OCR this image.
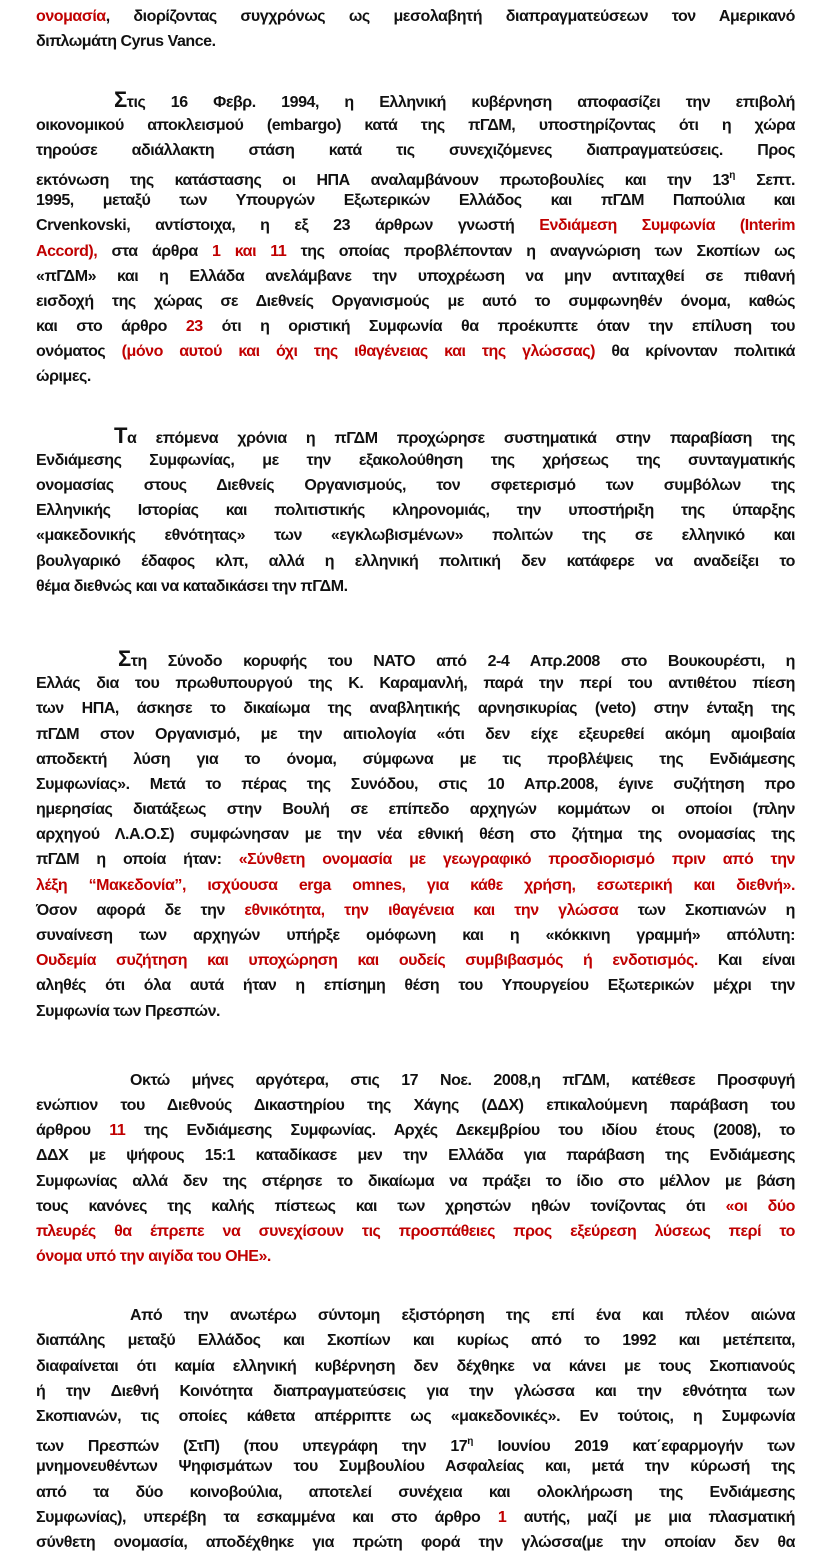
ονομασία, διορίζοντας συγχρόνως ως μεσολαβητή διαπραγματεύσεων τον Αμερικανό
διπλωμάτη Cyrus Vance.
Στις 16 Φεβρ. 1994, η Ελληνική κυβέρνηση αποφασίζει την επιβολή
οικονομικού αποκλεισμού (embargo) κατά της πΓΔΜ, υποστηρίζοντας ότι η χώρα
τηρούσε αδιάλλακτη στάση κατά τις συνεχιζόμενες διαπραγματεύσεις. Προς
εκτόνωση της κατάστασης οι ΗΠΑ αναλαμβάνουν πρωτοβουλίες και την $13^\eta$ Σεπτ.
1995, μεταξύ των Υπουργών Εξωτερικών Ελλάδος και πΓΔΜ Παπούλια και
Crvenkovski, αντίστοιχα, η εξ 23 άρθρων γνωστή Ενδιάμεση Συμφωνία (Interim
Accord), στα άρθρα 1 και 11 της οποίας προβλέπονταν η αναγνώριση των Σκοπίων ως
«πΓΔΜ» και η Ελλάδα ανελάμβανε την υποχρέωση να μην αντιταχθεί σε πιθανή
εισδοχή της χώρας σε Διεθνείς Οργανισμούς με αυτό το συμφωνηθέν όνομα, καθώς
και στο άρθρο 23 ότι η οριστική Συμφωνία θα προέκυπτε όταν την επίλυση του
ονόματος (μόνο αυτού και όχι της ιθαγένειας και της γλώσσας) θα κρίνονταν πολιτικά
ώριμες.
Τα επόμενα χρόνια η πΓΔΜ προχώρησε συστηματικά στην παραβίαση της
Ενδιάμεσης Συμφωνίας, με την εξακολούθηση της χρήσεως της συνταγματικής
ονομασίας στους Διεθνείς Οργανισμούς, τον σφετερισμό των συμβόλων της
Ελληνικής Ιστορίας και πολιτιστικής κληρονομιάς, την υποστήριξη της ύπαρξης
«μακεδονικής εθνότητας» των «εγκλωβισμένων» πολιτών της σε ελληνικό και
βουλγαρικό έδαφος κλπ, αλλά η ελληνική πολιτική δεν κατάφερε να αναδείξει το
θέμα διεθνώς και να καταδικάσει την πΓΔΜ.
Στη Σύνοδο κορυφής του ΝΑΤΟ από 2-4 Απρ.2008 στο Βουκουρέστι, η
Ελλάς δια του πρωθυπουργού της Κ. Καραμανλή, παρά την περί του αντιθέτου πίεση
των ΗΠΑ, άσκησε το δικαίωμα της αναβλητικής αρνησικυρίας (veto) στην ένταξη της
πΓΔΜ στον Οργανισμό, με την αιτιολογία «ότι δεν είχε εξευρεθεί ακόμη αμοιβαία
αποδεκτή λύση για το όνομα, σύμφωνα με τις προβλέψεις της Ενδιάμεσης
Συμφωνίας». Μετά το πέρας της Συνόδου, στις 10 Απρ.2008, έγινε συζήτηση προ
ημερησίας διατάξεως στην Βουλή σε επίπεδο αρχηγών κομμάτων οι οποίοι (πλην
αρχηγού Λ.Α.Ο.Σ) συμφώνησαν με την νέα εθνική θέση στο ζήτημα της ονομασίας της
πΓΔΜ η οποία ήταν: «Σύνθετη ονομασία με γεωγραφικό προσδιορισμό πριν από την
λέξη “Μακεδονία”, ισχύουσα erga omnes, για κάθε χρήση, εσωτερική και διεθνή».
Όσον αφορά δε την εθνικότητα, την ιθαγένεια και την γλώσσα των Σκοπιανών η
συναίνεση των αρχηγών υπήρξε ομόφωνη και η «κόκκινη γραμμή» απόλυτη:
Ουδεμία συζήτηση και υποχώρηση και ουδείς συμβιβασμός ή ενδοτισμός. Και είναι
αληθές ότι όλα αυτά ήταν η επίσημη θέση του Υπουργείου Εξωτερικών μέχρι την
Συμφωνία των Πρεσπών.
Οκτώ μήνες αργότερα, στις 17 Νοε. 2008,η πΓΔΜ, κατέθεσε Προσφυγή
ενώπιον του Διεθνούς Δικαστηρίου της Χάγης (ΔΔΧ) επικαλούμενη παράβαση του
άρθρου 11 της Ενδιάμεσης Συμφωνίας. Αρχές Δεκεμβρίου του ιδίου έτους (2008), το
ΔΔΧ με ψήφους 15:1 καταδίκασε μεν την Ελλάδα για παράβαση της Ενδιάμεσης
Συμφωνίας αλλά δεν της στέρησε το δικαίωμα να πράξει το ίδιο στο μέλλον με βάση
τους κανόνες της καλής πίστεως και των χρηστών ηθών τονίζοντας ότι «οι δύο
πλευρές θα έπρεπε να συνεχίσουν τις προσπάθειες προς εξεύρεση λύσεως περί το
όνομα υπό την αιγίδα του ΟΗΕ».
Από την ανωτέρω σύντομη εξιστόρηση της επί ένα και πλέον αιώνα
διαπάλης μεταξύ Ελλάδος και Σκοπίων και κυρίως από το 1992 και μετέπειτα,
διαφαίνεται ότι καμία ελληνική κυβέρνηση δεν δέχθηκε να κάνει με τους Σκοπιανούς
ή την Διεθνή Κοινότητα διαπραγματεύσεις για την γλώσσα και την εθνότητα των
Σκοπιανών, τις οποίες κάθετα απέρριπτε ως «μακεδονικές». Εν τούτοις, η Συμφωνία
των Πρεσπών (ΣτΠ) (που υπεγράφη την $17^\eta$ Ιουνίου 2019 κατ΄εφαρμογήν των
μνημονευθέντων Ψηφισμάτων του Συμβουλίου Ασφαλείας και, μετά την κύρωσή της
από τα δύο κοινοβούλια, αποτελεί συνέχεια και ολοκλήρωση της Ενδιάμεσης
Συμφωνίας), υπερέβη τα εσκαμμένα και στο άρθρο 1 αυτής, μαζί με μια πλασματική
σύνθετη ονομασία, αποδέχθηκε για πρώτη φορά την γλώσσα(με την οποίαν δεν θα
